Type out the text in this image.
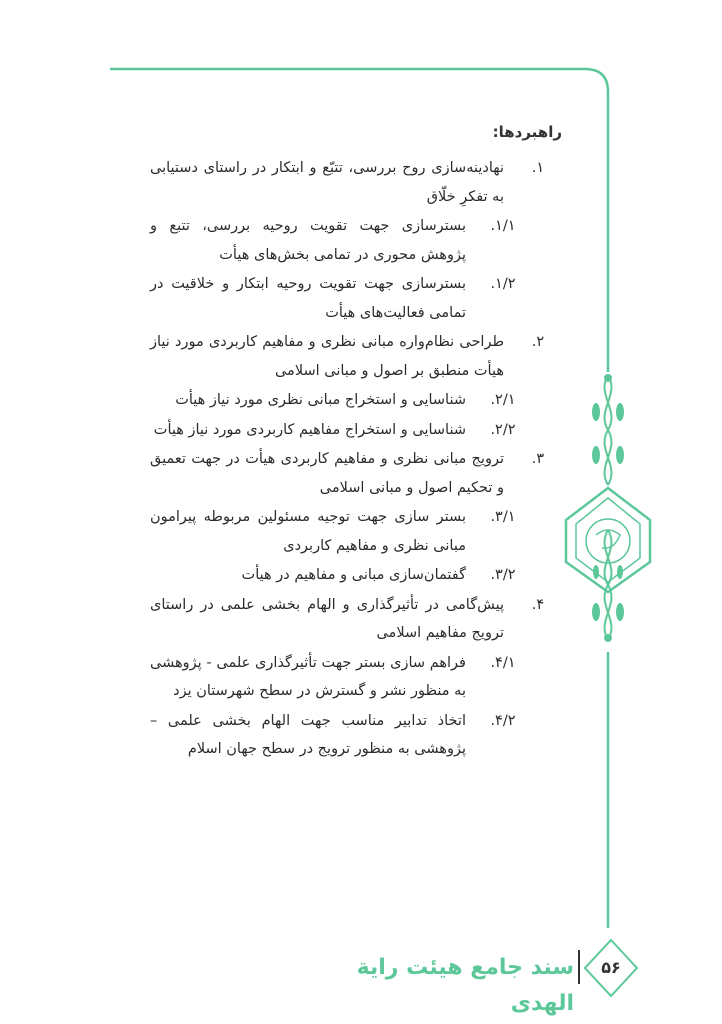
راهبردها:
.۱
نهادینه‌سازی روح بررسی، تتبّع و ابتکار در راستای دستیابی به تفکرِ خلّاق
.۱/۱
بسترسازی جهت تقویت روحیه بررسی، تتبع و پژوهش محوری در تمامی بخش‌های هیأت
.۱/۲
بسترسازی جهت تقویت روحیه ابتکار و خلاقیت در تمامی فعالیت‌های هیأت
.۲
طراحی نظام‌واره مبانی نظری و مفاهیم کاربردی مورد نیاز هیأت منطبق بر اصول و مبانی اسلامی
.۲/۱
شناسایی و استخراج مبانی نظری مورد نیاز هیأت
.۲/۲
شناسایی و استخراج مفاهیم کاربردی مورد نیاز هیأت
.۳
ترویج مبانی نظری و مفاهیم کاربردی هیأت در جهت تعمیق و تحکیم اصول و مبانی اسلامی
.۳/۱
بستر سازی جهت توجیه مسئولین مربوطه پیرامون مبانی نظری و مفاهیم کاربردی
.۳/۲
گفتمان‌سازی مبانی و مفاهیم در هیأت
.۴
پیش‌گامی در تأثیرگذاری و الهام بخشی علمی در راستای ترویج مفاهیم اسلامی
.۴/۱
فراهم سازی بستر جهت تأثیرگذاری علمی - پژوهشی به منظور نشر و گسترش در سطح شهرستان یزد
.۴/۲
اتخاذ تدابیر مناسب جهت الهام بخشی علمی – پژوهشی به منظور ترویج در سطح جهان اسلام
۵۶
سند جامع هیئت رایة الهدی
